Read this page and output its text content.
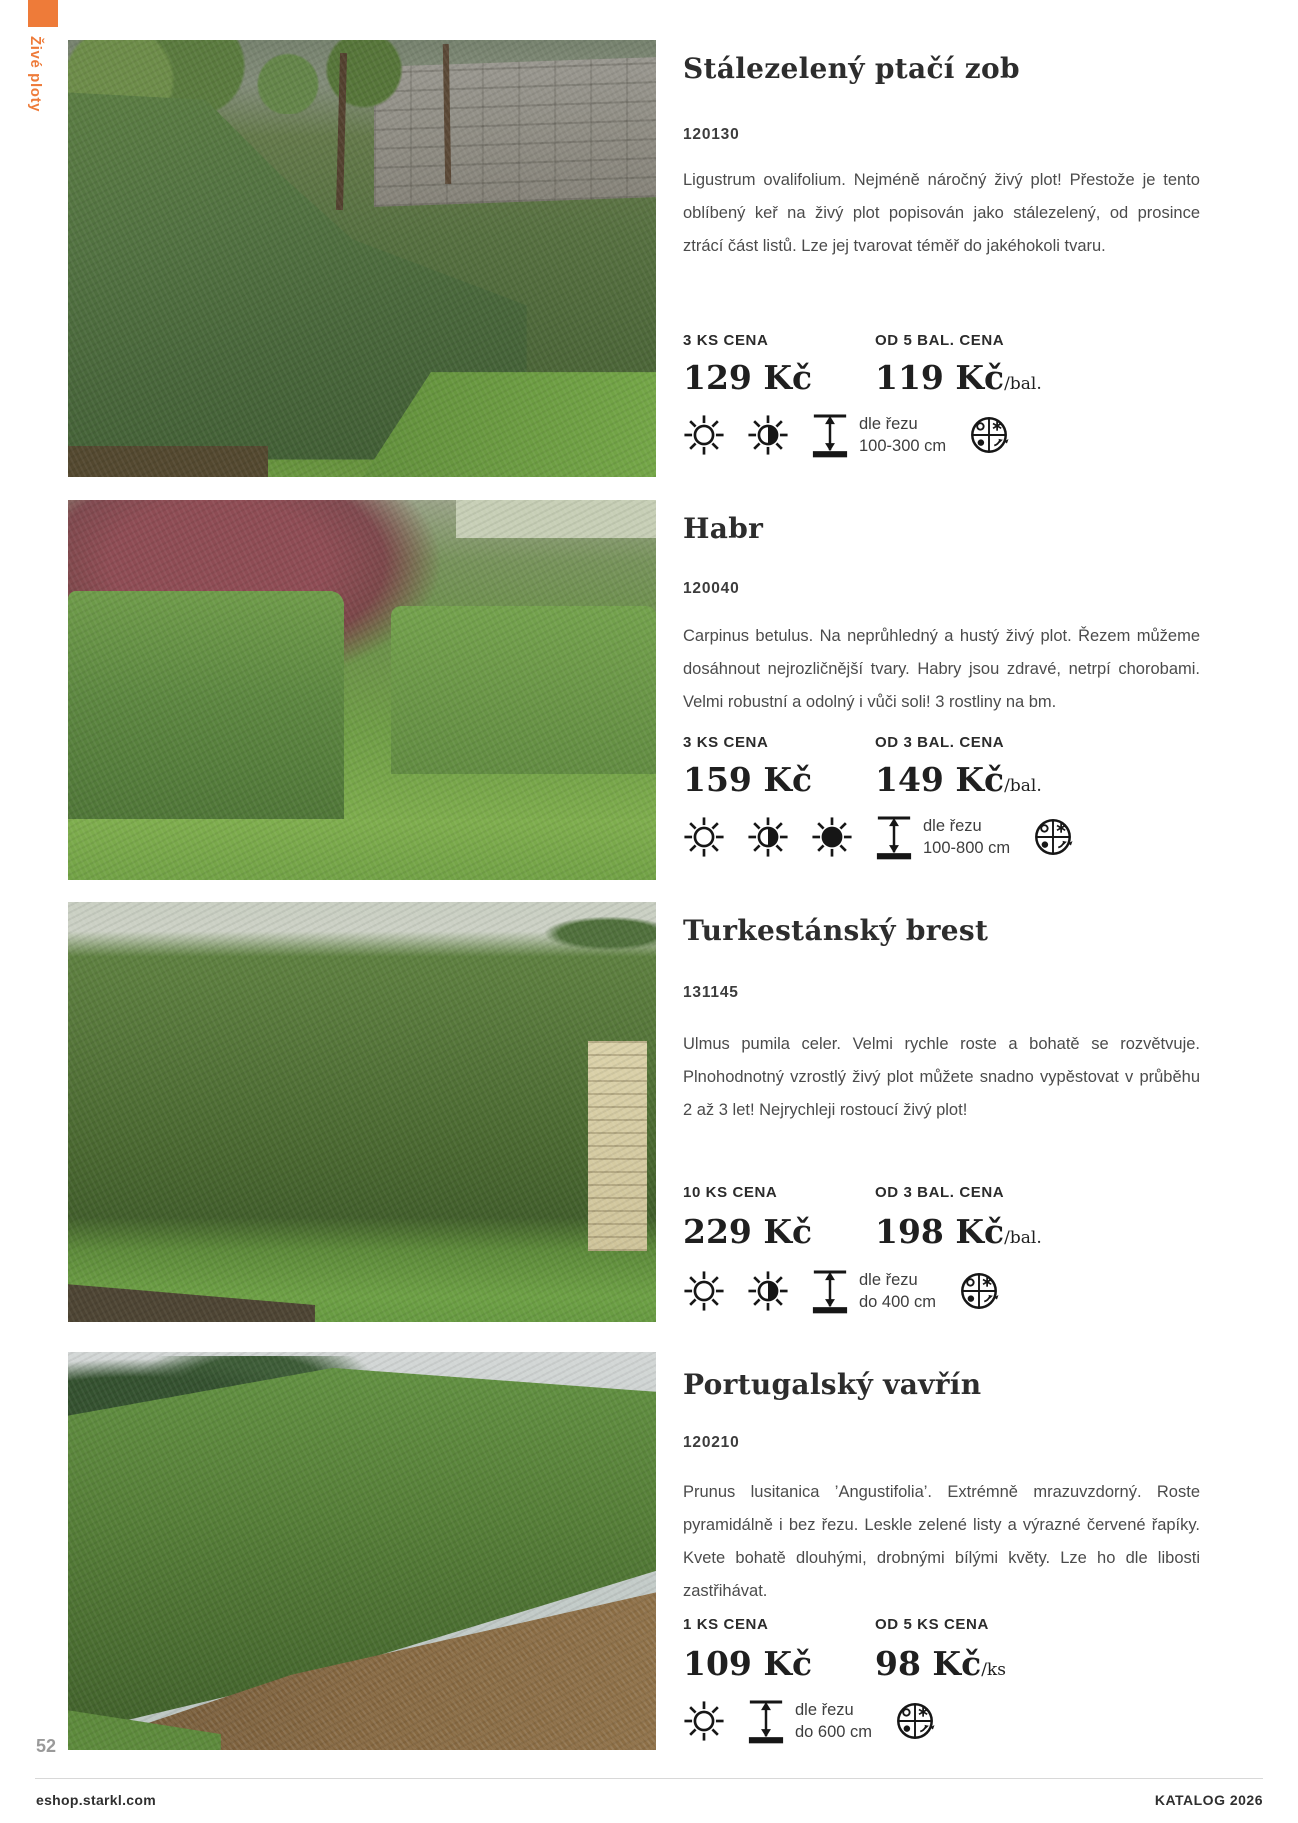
Živé ploty	Stálezelený ptačí zob
120130

Ligustrum ovalifolium. Nejméně náročný živý plot! Přestože je tento oblíbený keř na živý plot popisován jako stálezelený, od prosince ztrácí část listů. Lze jej tvarovat téměř do jakéhokoli tvaru.

3 KS CENA	OD 5 BAL. CENA
129 Kč 119 Kč/bal.
dle řezu
100-300 cm
Habr
120040

Carpinus betulus. Na neprůhledný a hustý živý plot. Řezem můžeme dosáhnout nejrozličnější tvary. Habry jsou zdravé, netrpí chorobami. Velmi robustní a odolný i vůči soli! 3 rostliny na bm.

3 KS CENA	OD 3 BAL. CENA
159 Kč 149 Kč/bal.
dle řezu
100-800 cm
Turkestánský brest
131145

Ulmus pumila celer. Velmi rychle roste a bohatě se rozvětvuje. Plnohodnotný vzrostlý živý plot můžete snadno vypěstovat v průběhu 2 až 3 let! Nejrychleji rostoucí živý plot!

10 KS CENA	OD 3 BAL. CENA
229 Kč 198 Kč/bal.
dle řezu
do 400 cm
Portugalský vavřín
120210

Prunus lusitanica ’Angustifolia’. Extrémně mrazuvzdorný. Roste pyramidálně i bez řezu. Leskle zelené listy a výrazné červené řapíky. Kvete bohatě dlouhými, drobnými bílými květy. Lze ho dle libosti zastřihávat.

1 KS CENA	OD 5 KS CENA
109 Kč 98 Kč/ks
dle řezu
do 600 cm
52
eshop.starkl.com	KATALOG 2026
